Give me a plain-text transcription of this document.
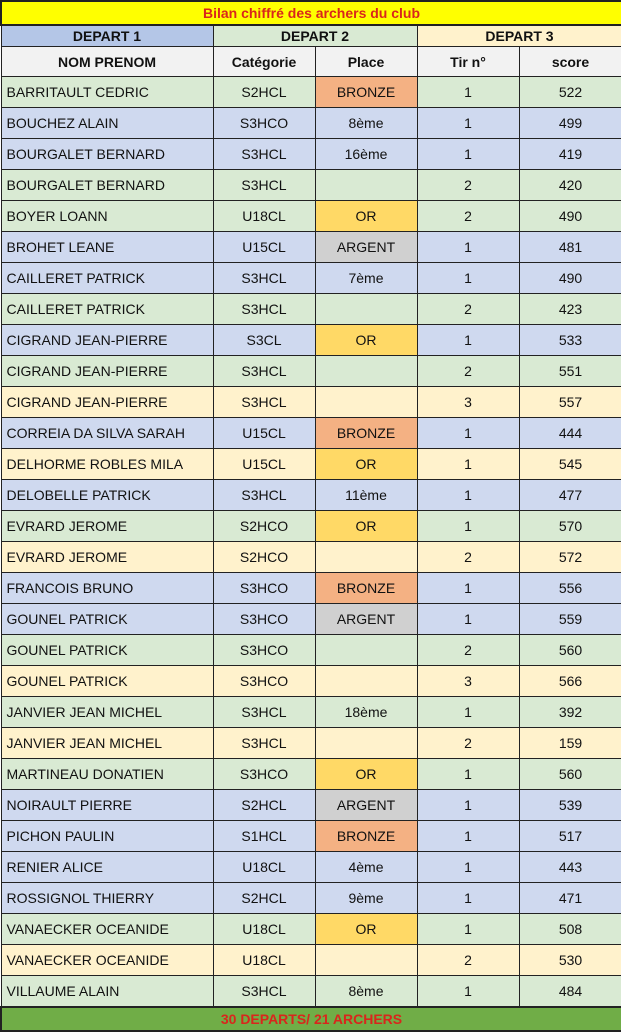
Bilan chiffré des archers du club				
DEPART 1	DEPART 2		DEPART 3	
NOM PRENOM	Catégorie	Place	Tir n°	score
BARRITAULT CEDRIC	S2HCL	BRONZE	1	522
BOUCHEZ ALAIN	S3HCO	8ème	1	499
BOURGALET BERNARD	S3HCL	16ème	1	419
BOURGALET BERNARD	S3HCL		2	420
BOYER LOANN	U18CL	OR	2	490
BROHET LEANE	U15CL	ARGENT	1	481
CAILLERET PATRICK	S3HCL	7ème	1	490
CAILLERET PATRICK	S3HCL		2	423
CIGRAND JEAN-PIERRE	S3CL	OR	1	533
CIGRAND JEAN-PIERRE	S3HCL		2	551
CIGRAND JEAN-PIERRE	S3HCL		3	557
CORREIA DA SILVA SARAH	U15CL	BRONZE	1	444
DELHORME ROBLES MILA	U15CL	OR	1	545
DELOBELLE PATRICK	S3HCL	11ème	1	477
EVRARD JEROME	S2HCO	OR	1	570
EVRARD JEROME	S2HCO		2	572
FRANCOIS BRUNO	S3HCO	BRONZE	1	556
GOUNEL PATRICK	S3HCO	ARGENT	1	559
GOUNEL PATRICK	S3HCO		2	560
GOUNEL PATRICK	S3HCO		3	566
JANVIER JEAN MICHEL	S3HCL	18ème	1	392
JANVIER JEAN MICHEL	S3HCL		2	159
MARTINEAU DONATIEN	S3HCO	OR	1	560
NOIRAULT PIERRE	S2HCL	ARGENT	1	539
PICHON PAULIN	S1HCL	BRONZE	1	517
RENIER ALICE	U18CL	4ème	1	443
ROSSIGNOL THIERRY	S2HCL	9ème	1	471
VANAECKER OCEANIDE	U18CL	OR	1	508
VANAECKER OCEANIDE	U18CL		2	530
VILLAUME ALAIN	S3HCL	8ème	1	484
30 DEPARTS/ 21 ARCHERS				
